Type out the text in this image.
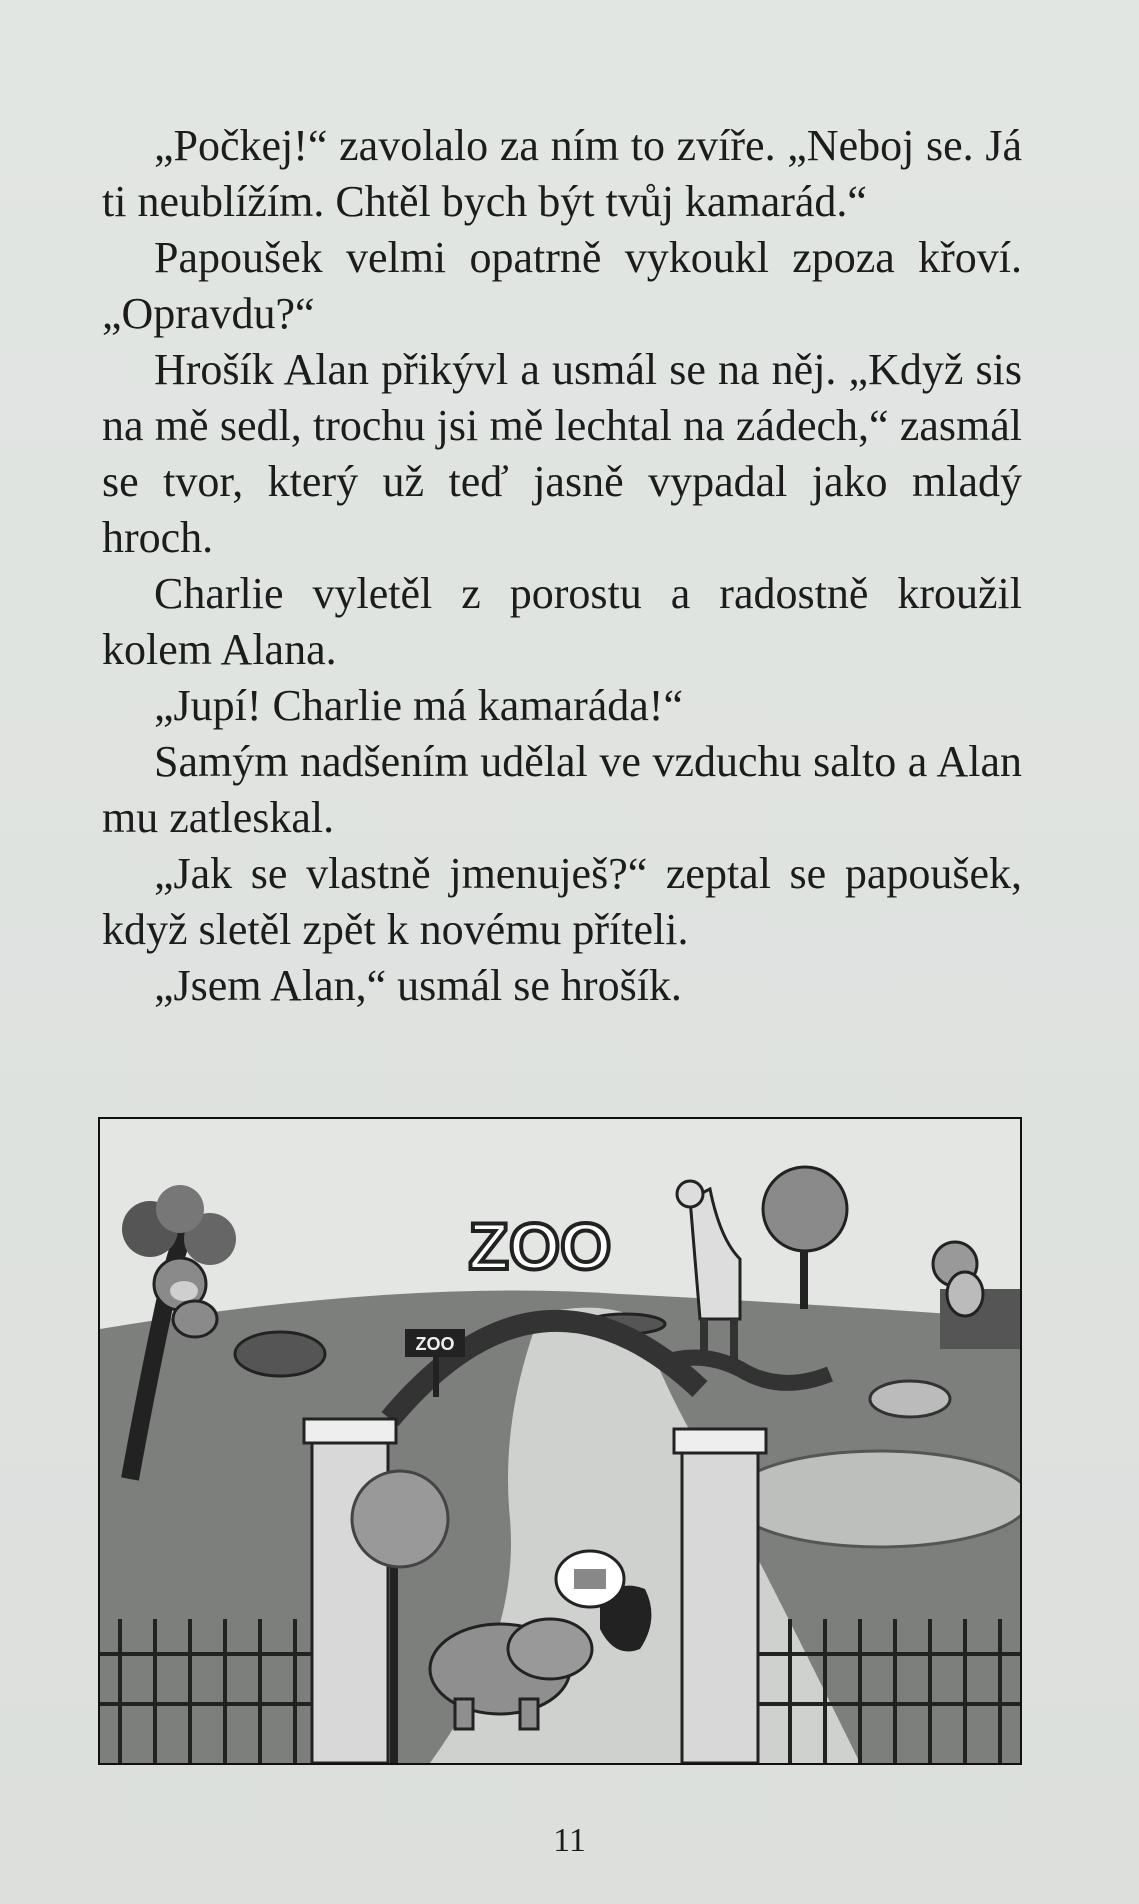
„Počkej!“ zavolalo za ním to zvíře. „Neboj se. Já ti neublížím. Chtěl bych být tvůj kamarád.“

Papoušek velmi opatrně vykoukl zpoza křoví. „Opravdu?“

Hrošík Alan přikývl a usmál se na něj. „Když sis na mě sedl, trochu jsi mě lechtal na zádech,“ zasmál se tvor, který už teď jasně vypadal jako mladý hroch.

Charlie vyletěl z porostu a radostně kroužil kolem Alana.

„Jupí! Charlie má kamaráda!“

Samým nadšením udělal ve vzduchu salto a Alan mu zatleskal.

„Jak se vlastně jmenuješ?“ zeptal se papoušek, když sletěl zpět k novému příteli.

„Jsem Alan,“ usmál se hrošík.

ZOO
ZOO
11
